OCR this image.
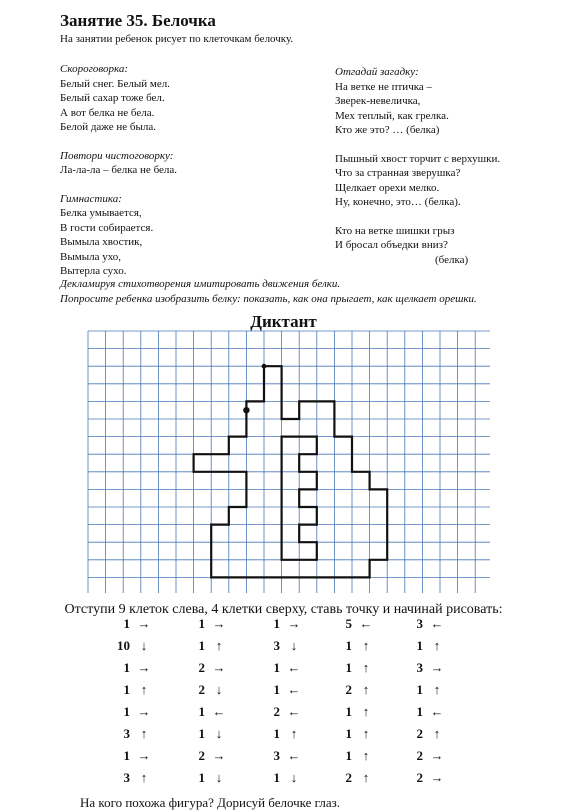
Занятие 35. Белочка
На занятии ребенок рисует по клеточкам белочку.
Скороговорка:
Белый снег. Белый мел.
Белый сахар тоже бел.
А вот белка не бела.
Белой даже не была.
Повтори чистоговорку:
Ла-ла-ла – белка не бела.
Гимнастика:
Белка умывается,
В гости собирается.
Вымыла хвостик,
Вымыла ухо,
Вытерла сухо.
Отгадай загадку:
На ветке не птичка –
Зверек-невеличка,
Мех теплый, как грелка.
Кто же это? … (белка)
Пышный хвост торчит с верхушки.
Что за странная зверушка?
Щелкает орехи мелко.
Ну, конечно, это… (белка).
Кто на ветке шишки грыз
И бросал объедки вниз?
(белка)
Декламируя стихотворения имитировать движения белки.
Попросите ребенка изобразить белку: показать, как она прыгает, как щелкает орешки.
Диктант
Отступи 9 клеток слева, 4 клетки сверху, ставь точку и начинай рисовать:
1 →
10 ↓
1 →
1 ↑
1 →
3 ↑
1 →
3 ↑
1 →
1 ↑
2 →
2 ↓
1 ←
1 ↓
2 →
1 ↓
1 →
3 ↓
1 ←
1 ←
2 ←
1 ↑
3 ←
1 ↓
5 ←
1 ↑
1 ↑
2 ↑
1 ↑
1 ↑
1 ↑
2 ↑
3 ←
1 ↑
3 →
1 ↑
1 ←
2 ↑
2 →
2 →
На кого похожа фигура? Дорисуй белочке глаз.
